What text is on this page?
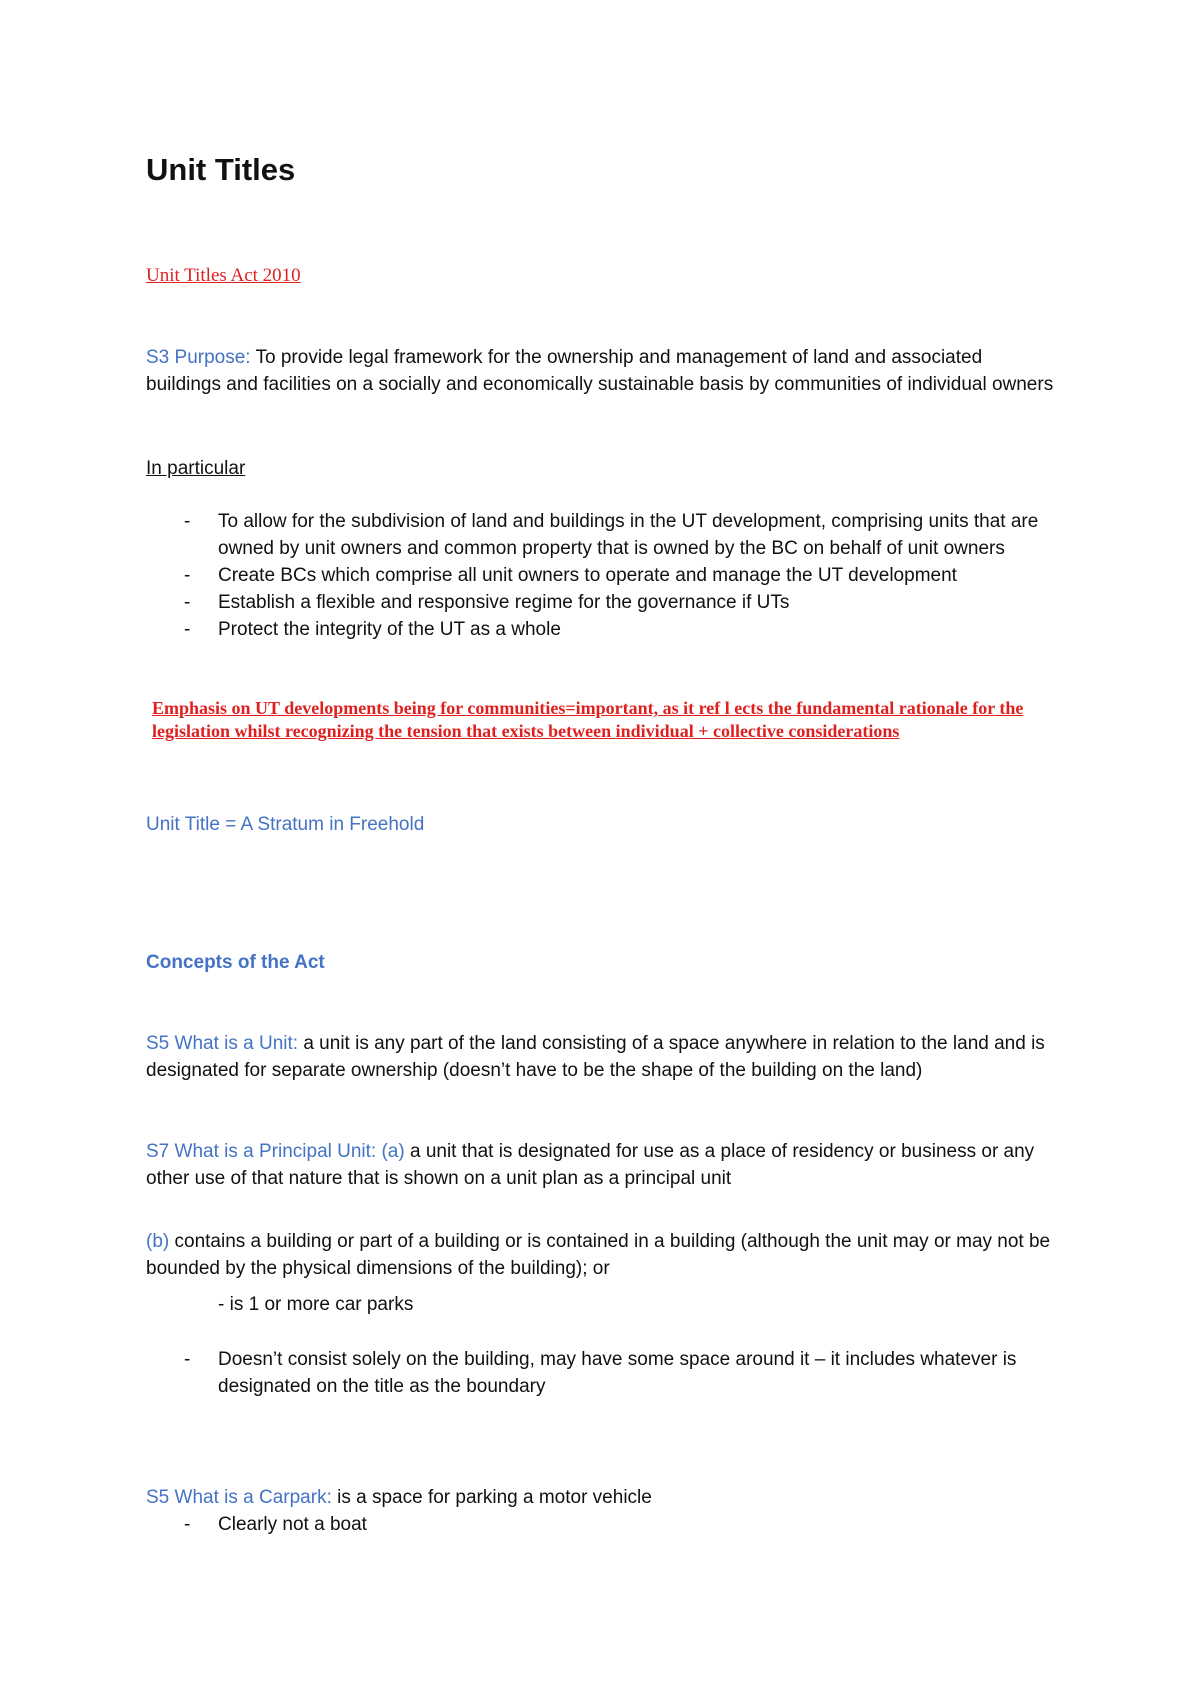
Unit Titles
Unit Titles Act 2010

S3 Purpose: To provide legal framework for the ownership and management of land and associated buildings and facilities on a socially and economically sustainable basis by communities of individual owners

In particular

- To allow for the subdivision of land and buildings in the UT development, comprising units that are owned by unit owners and common property that is owned by the BC on behalf of unit owners
- Create BCs which comprise all unit owners to operate and manage the UT development
- Establish a flexible and responsive regime for the governance if UTs
- Protect the integrity of the UT as a whole

Emphasis on UT developments being for communities=important, as it ref l ects the fundamental rationale for the legislation whilst recognizing the tension that exists between individual + collective considerations

Unit Title = A Stratum in Freehold

Concepts of the Act

S5 What is a Unit: a unit is any part of the land consisting of a space anywhere in relation to the land and is designated for separate ownership (doesn’t have to be the shape of the building on the land)

S7 What is a Principal Unit: (a) a unit that is designated for use as a place of residency or business or any other use of that nature that is shown on a unit plan as a principal unit

(b) contains a building or part of a building or is contained in a building (although the unit may or may not be bounded by the physical dimensions of the building); or

- is 1 or more car parks

- Doesn’t consist solely on the building, may have some space around it – it includes whatever is designated on the title as the boundary

S5 What is a Carpark: is a space for parking a motor vehicle

- Clearly not a boat
